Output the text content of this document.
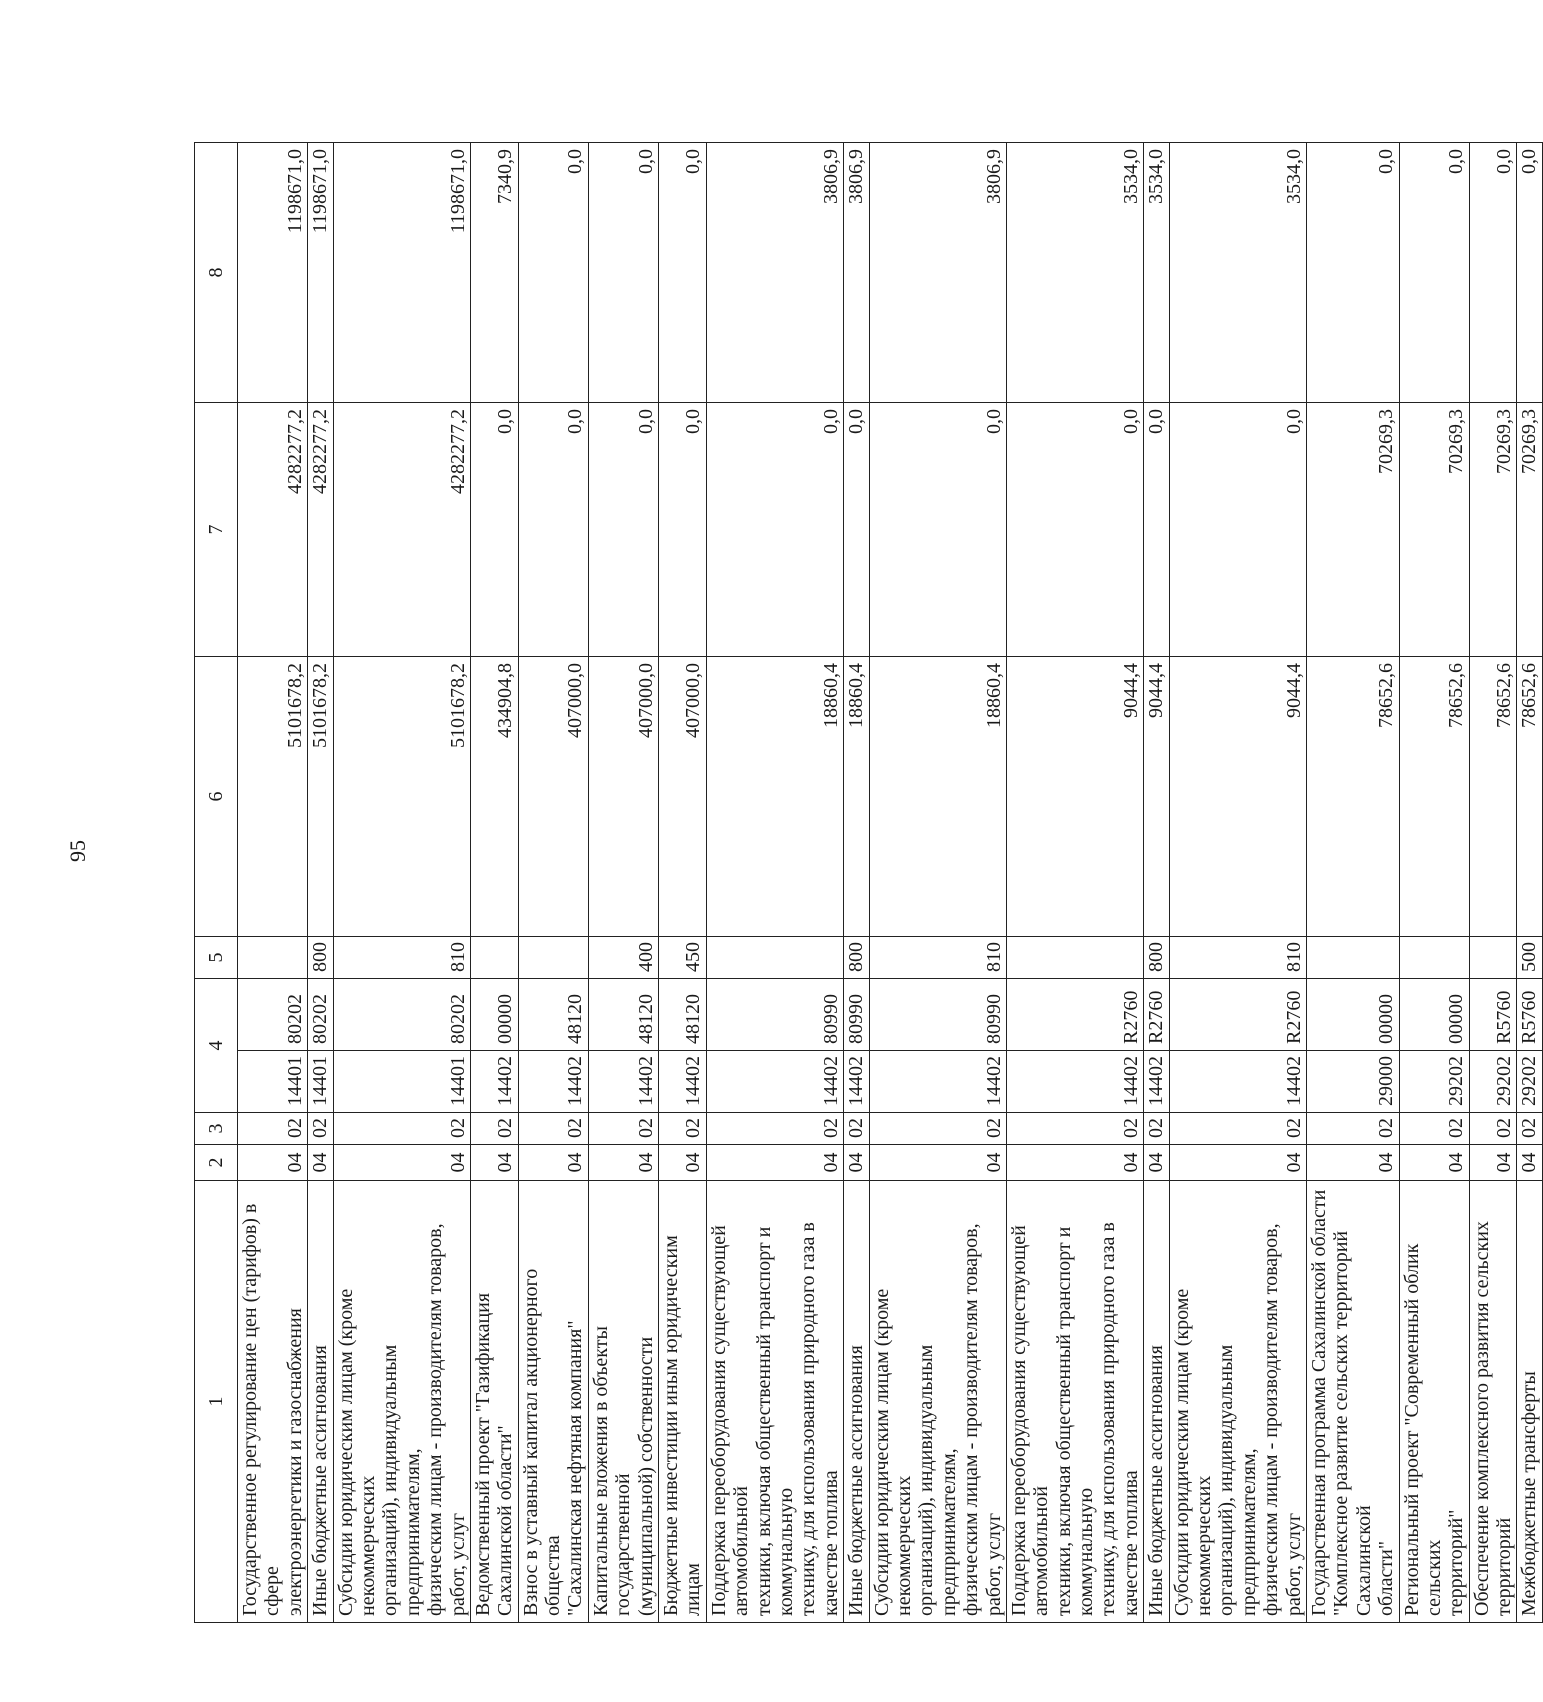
95
1	2	3	4		5	6	7	8
Государственное регулирование цен (тарифов) в сфере
электроэнергетики и газоснабжения	04	02	14401	80202		5101678,2	4282277,2	1198671,0
Иные бюджетные ассигнования	04	02	14401	80202	800	5101678,2	4282277,2	1198671,0
Субсидии юридическим лицам (кроме некоммерческих
организаций), индивидуальным предпринимателям,
физическим лицам - производителям товаров, работ, услуг	04	02	14401	80202	810	5101678,2	4282277,2	1198671,0
Ведомственный проект "Газификация Сахалинской области"	04	02	14402	00000		434904,8	0,0	7340,9
Взнос в уставный капитал акционерного общества
"Сахалинская нефтяная компания"	04	02	14402	48120		407000,0	0,0	0,0
Капитальные вложения в объекты государственной
(муниципальной) собственности	04	02	14402	48120	400	407000,0	0,0	0,0
Бюджетные инвестиции иным юридическим лицам	04	02	14402	48120	450	407000,0	0,0	0,0
Поддержка переоборудования существующей автомобильной
техники, включая общественный транспорт и коммунальную
технику, для использования природного газа в качестве топлива	04	02	14402	80990		18860,4	0,0	3806,9
Иные бюджетные ассигнования	04	02	14402	80990	800	18860,4	0,0	3806,9
Субсидии юридическим лицам (кроме некоммерческих
организаций), индивидуальным предпринимателям,
физическим лицам - производителям товаров, работ, услуг	04	02	14402	80990	810	18860,4	0,0	3806,9
Поддержка переоборудования существующей автомобильной
техники, включая общественный транспорт и коммунальную
технику, для использования природного газа в качестве топлива	04	02	14402	R2760		9044,4	0,0	3534,0
Иные бюджетные ассигнования	04	02	14402	R2760	800	9044,4	0,0	3534,0
Субсидии юридическим лицам (кроме некоммерческих
организаций), индивидуальным предпринимателям,
физическим лицам - производителям товаров, работ, услуг	04	02	14402	R2760	810	9044,4	0,0	3534,0
Государственная программа Сахалинской области
"Комплексное развитие сельских территорий Сахалинской
области"	04	02	29000	00000		78652,6	70269,3	0,0
Региональный проект "Современный облик сельских
территорий"	04	02	29202	00000		78652,6	70269,3	0,0
Обеспечение комплексного развития сельских территорий	04	02	29202	R5760		78652,6	70269,3	0,0
Межбюджетные трансферты	04	02	29202	R5760	500	78652,6	70269,3	0,0
